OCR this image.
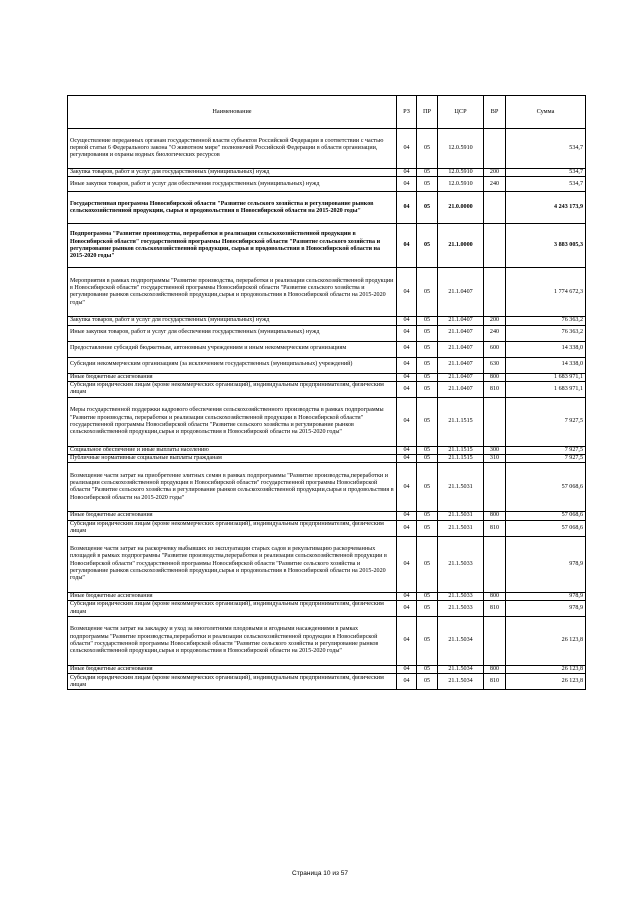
Наименование	РЗ	ПР	ЦСР	ВР	Сумма
Осуществление переданных органам государственной власти субъектов Российской Федерации в соответствии с частью первой статьи 6 Федерального закона "О животном мире" полномочий Российской Федерации в области организации, регулирования и охраны водных биологических ресурсов	04	05	12.0.5910		534,7
Закупка товаров, работ и услуг для государственных (муниципальных) нужд	04	05	12.0.5910	200	534,7
Иные закупки товаров, работ и услуг для обеспечения государственных (муниципальных) нужд	04	05	12.0.5910	240	534,7
Государственная программа Новосибирской области "Развитие сельского хозяйства и регулирование рынков сельскохозяйственной продукции, сырья и продовольствия в Новосибирской области на 2015-2020 годы"	04	05	21.0.0000		4 243 173,9
Подпрограмма "Развитие производства, переработки и реализации сельскохозяйственной продукции в Новосибирской области" государственной программы Новосибирской области "Развитие сельского хозяйства и регулирование рынков сельскохозяйственной продукции, сырья и продовольствия в Новосибирской области на 2015-2020 годы"	04	05	21.1.0000		3 883 005,3
Мероприятия в рамках подпрограммы "Развитие производства, переработки и реализации сельскохозяйственной продукции в Новосибирской области" государственной программы Новосибирской области "Развитие сельского хозяйства и регулирование рынков сельскохозяйственной продукции,сырья и продовольствия в Новосибирской области на 2015-2020 годы"	04	05	21.1.0407		1 774 672,3
Закупка товаров, работ и услуг для государственных (муниципальных) нужд	04	05	21.1.0407	200	76 363,2
Иные закупки товаров, работ и услуг для обеспечения государственных (муниципальных) нужд	04	05	21.1.0407	240	76 363,2
Предоставление субсидий бюджетным, автономным учреждениям и иным некоммерческим организациям	04	05	21.1.0407	600	14 338,0
Субсидии некоммерческим организациям (за исключением государственных (муниципальных) учреждений)	04	05	21.1.0407	630	14 338,0
Иные бюджетные ассигнования	04	05	21.1.0407	800	1 683 971,1
Субсидии юридическим лицам (кроме некоммерческих организаций), индивидуальным предпринимателям, физическим лицам	04	05	21.1.0407	810	1 683 971,1
Меры государственной поддержки кадрового обеспечения сельскохозяйственного производства в рамках подпрограммы "Развитие производства, переработки и реализации сельскохозяйственной продукции в Новосибирской области" государственной программы Новосибирской области "Развитие сельского хозяйства и регулирование рынков сельскохозяйственной продукции,сырья и продовольствия в Новосибирской области на 2015-2020 годы"	04	05	21.1.1515		7 927,5
Социальное обеспечение и иные выплаты населению	04	05	21.1.1515	300	7 927,5
Публичные нормативные социальные выплаты гражданам	04	05	21.1.1515	310	7 927,5
Возмещение части затрат на приобретение элитных семян в рамках подпрограммы "Развитие производства,переработки и реализации сельскохозяйственной продукции в Новосибирской области" государственной программы Новосибирской области "Развитие сельского хозяйства и регулирование рынков сельскохозяйственной продукции,сырья и продовольствия в Новосибирской области на 2015-2020 годы"	04	05	21.1.5031		57 068,6
Иные бюджетные ассигнования	04	05	21.1.5031	800	57 068,6
Субсидии юридическим лицам (кроме некоммерческих организаций), индивидуальным предпринимателям, физическим лицам	04	05	21.1.5031	810	57 068,6
Возмещение части затрат на раскорчевку выбывших из эксплуатации старых садов и рекультивацию раскорчеванных площадей в рамках подпрограммы "Развитие производства,переработки и реализации сельскохозяйственной продукции в Новосибирской области" государственной программы Новосибирской области "Развитие сельского хозяйства и регулирование рынков сельскохозяйственной продукции,сырья и продовольствия в Новосибирской области на 2015-2020 годы"	04	05	21.1.5033		978,9
Иные бюджетные ассигнования	04	05	21.1.5033	800	978,9
Субсидии юридическим лицам (кроме некоммерческих организаций), индивидуальным предпринимателям, физическим лицам	04	05	21.1.5033	810	978,9
Возмещение части затрат на закладку и уход за многолетними плодовыми и ягодными насаждениями в рамках подпрограммы "Развитие производства,переработки и реализации сельскохозяйственной продукции в Новосибирской области" государственной программы Новосибирской области "Развитие сельского хозяйства и регулирование рынков сельскохозяйственной продукции,сырья и продовольствия в Новосибирской области на 2015-2020 годы"	04	05	21.1.5034		26 123,8
Иные бюджетные ассигнования	04	05	21.1.5034	800	26 123,8
Субсидии юридическим лицам (кроме некоммерческих организаций), индивидуальным предпринимателям, физическим лицам	04	05	21.1.5034	810	26 123,8
Страница 10 из 57
